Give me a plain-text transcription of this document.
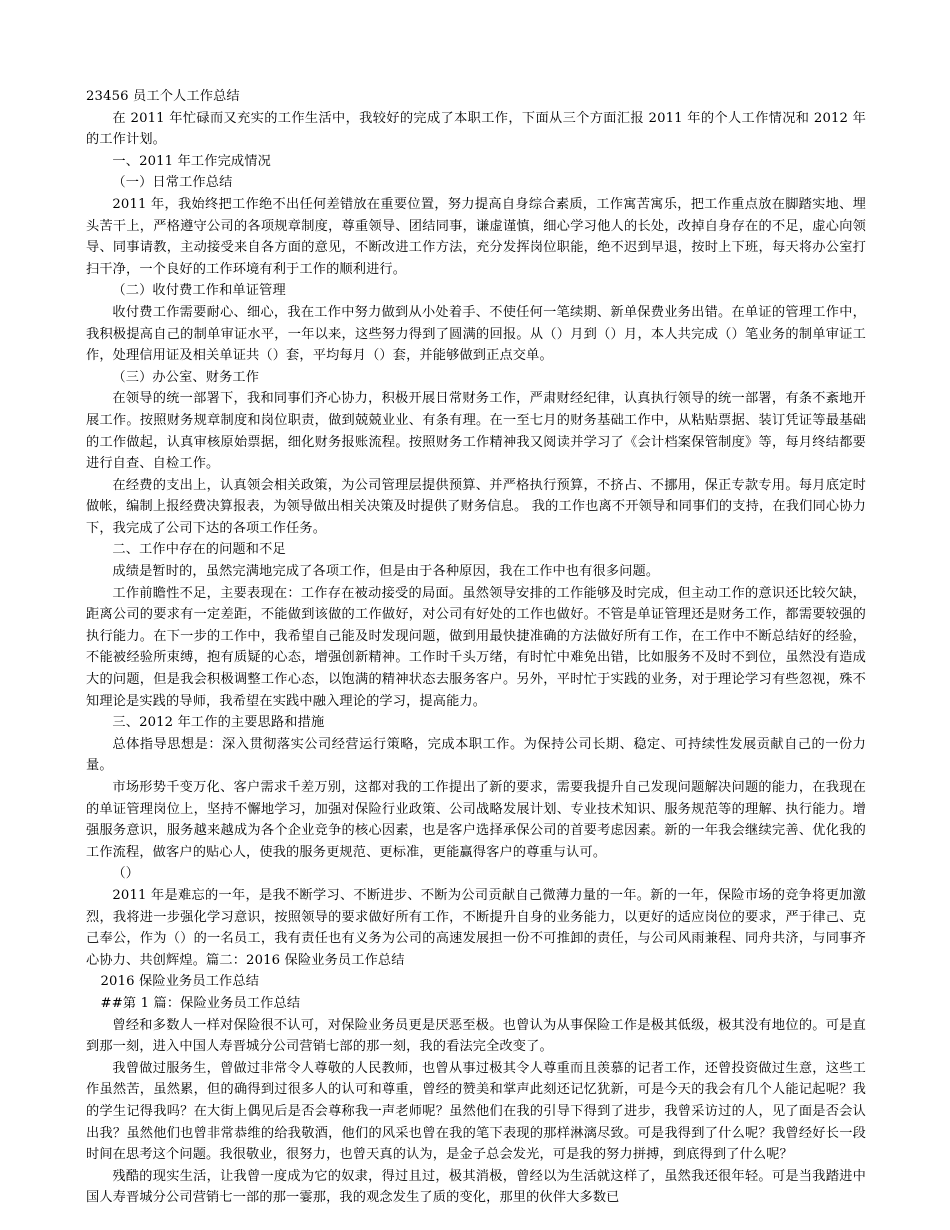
23456 员工个人工作总结

在 2011 年忙碌而又充实的工作生活中，我较好的完成了本职工作，下面从三个方面汇报 2011 年的个人工作情况和 2012 年的工作计划。

一、2011 年工作完成情况

（一）日常工作总结

2011 年，我始终把工作绝不出任何差错放在重要位置，努力提高自身综合素质，工作寓苦寓乐，把工作重点放在脚踏实地、埋头苦干上，严格遵守公司的各项规章制度，尊重领导、团结同事，谦虚谨慎，细心学习他人的长处，改掉自身存在的不足，虚心向领导、同事请教，主动接受来自各方面的意见，不断改进工作方法，充分发挥岗位职能，绝不迟到早退，按时上下班，每天将办公室打扫干净，一个良好的工作环境有利于工作的顺利进行。

（二）收付费工作和单证管理

收付费工作需要耐心、细心，我在工作中努力做到从小处着手、不使任何一笔续期、新单保费业务出错。在单证的管理工作中，我积极提高自己的制单审证水平，一年以来，这些努力得到了圆满的回报。从（）月到（）月，本人共完成（）笔业务的制单审证工作，处理信用证及相关单证共（）套，平均每月（）套，并能够做到正点交单。

（三）办公室、财务工作

在领导的统一部署下，我和同事们齐心协力，积极开展日常财务工作，严肃财经纪律，认真执行领导的统一部署，有条不紊地开展工作。按照财务规章制度和岗位职责，做到兢兢业业、有条有理。在一至七月的财务基础工作中，从粘贴票据、装订凭证等最基础的工作做起，认真审核原始票据，细化财务报账流程。按照财务工作精神我又阅读并学习了《会计档案保管制度》等，每月终结都要进行自查、自检工作。

在经费的支出上，认真领会相关政策，为公司管理层提供预算、并严格执行预算，不挤占、不挪用，保正专款专用。每月底定时做帐，编制上报经费决算报表，为领导做出相关决策及时提供了财务信息。 我的工作也离不开领导和同事们的支持，在我们同心协力下，我完成了公司下达的各项工作任务。

二、工作中存在的问题和不足

成绩是暂时的，虽然完满地完成了各项工作，但是由于各种原因，我在工作中也有很多问题。

工作前瞻性不足，主要表现在：工作存在被动接受的局面。虽然领导安排的工作能够及时完成，但主动工作的意识还比较欠缺，距离公司的要求有一定差距，不能做到该做的工作做好，对公司有好处的工作也做好。不管是单证管理还是财务工作，都需要较强的执行能力。在下一步的工作中，我希望自己能及时发现问题，做到用最快捷准确的方法做好所有工作，在工作中不断总结好的经验，不能被经验所束缚，抱有质疑的心态，增强创新精神。工作时千头万绪，有时忙中难免出错，比如服务不及时不到位，虽然没有造成大的问题，但是我会积极调整工作心态，以饱满的精神状态去服务客户。另外，平时忙于实践的业务，对于理论学习有些忽视，殊不知理论是实践的导师，我希望在实践中融入理论的学习，提高能力。

三、2012 年工作的主要思路和措施

总体指导思想是：深入贯彻落实公司经营运行策略，完成本职工作。为保持公司长期、稳定、可持续性发展贡献自己的一份力量。

市场形势千变万化、客户需求千差万别，这都对我的工作提出了新的要求，需要我提升自己发现问题解决问题的能力，在我现在的单证管理岗位上，坚持不懈地学习，加强对保险行业政策、公司战略发展计划、专业技术知识、服务规范等的理解、执行能力。增强服务意识，服务越来越成为各个企业竞争的核心因素，也是客户选择承保公司的首要考虑因素。新的一年我会继续完善、优化我的工作流程，做客户的贴心人，使我的服务更规范、更标准，更能赢得客户的尊重与认可。

（）

2011 年是难忘的一年，是我不断学习、不断进步、不断为公司贡献自己微薄力量的一年。新的一年，保险市场的竞争将更加激烈，我将进一步强化学习意识，按照领导的要求做好所有工作，不断提升自身的业务能力，以更好的适应岗位的要求，严于律己、克己奉公，作为（）的一名员工，我有责任也有义务为公司的高速发展担一份不可推卸的责任，与公司风雨兼程、同舟共济，与同事齐心协力、共创辉煌。篇二：2016 保险业务员工作总结

2016 保险业务员工作总结

##第 1 篇：保险业务员工作总结

曾经和多数人一样对保险很不认可，对保险业务员更是厌恶至极。也曾认为从事保险工作是极其低级，极其没有地位的。可是直到那一刻，进入中国人寿晋城分公司营销七部的那一刻，我的看法完全改变了。

我曾做过服务生，曾做过非常令人尊敬的人民教师，也曾从事过极其令人尊重而且羡慕的记者工作，还曾投资做过生意，这些工作虽然苦，虽然累，但的确得到过很多人的认可和尊重，曾经的赞美和掌声此刻还记忆犹新，可是今天的我会有几个人能记起呢？我的学生记得我吗？在大街上偶见后是否会尊称我一声老师呢？虽然他们在我的引导下得到了进步，我曾采访过的人，见了面是否会认出我？虽然他们也曾非常恭维的给我敬酒，他们的风采也曾在我的笔下表现的那样淋漓尽致。可是我得到了什么呢？我曾经好长一段时间在思考这个问题。我很敬业，很努力，也曾天真的认为，是金子总会发光，可是我的努力拼搏，到底得到了什么呢？

残酷的现实生活，让我曾一度成为它的奴隶，得过且过，极其消极，曾经以为生活就这样了，虽然我还很年轻。可是当我踏进中国人寿晋城分公司营销七一部的那一霎那，我的观念发生了质的变化，那里的伙伴大多数已
